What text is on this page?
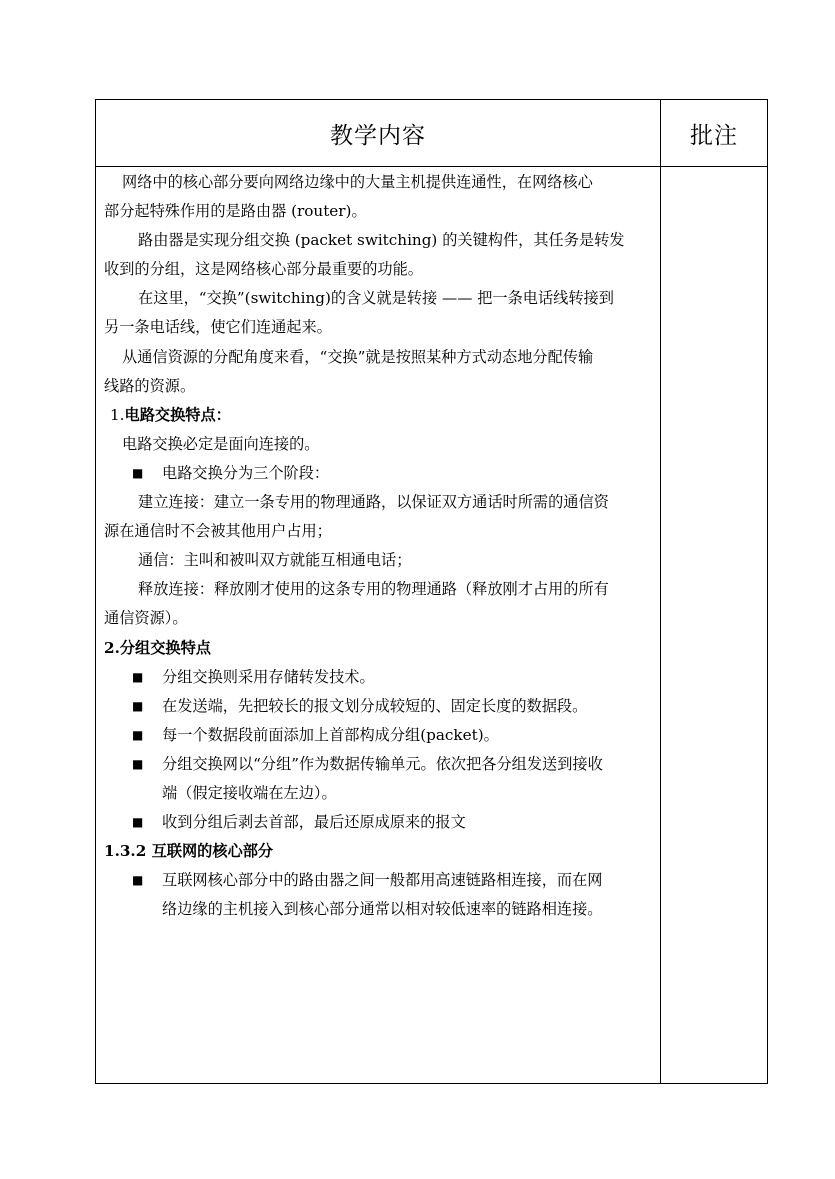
教学内容	批注
网络中的核心部分要向网络边缘中的大量主机提供连通性，在网络核心
部分起特殊作用的是路由器 (router)。
路由器是实现分组交换 (packet switching) 的关键构件，其任务是转发
收到的分组，这是网络核心部分最重要的功能。
在这里，“交换”(switching)的含义就是转接 —— 把一条电话线转接到
另一条电话线，使它们连通起来。
从通信资源的分配角度来看，“交换”就是按照某种方式动态地分配传输
线路的资源。
1.电路交换特点：
电路交换必定是面向连接的。
■ 电路交换分为三个阶段：
建立连接：建立一条专用的物理通路，以保证双方通话时所需的通信资
源在通信时不会被其他用户占用；
通信：主叫和被叫双方就能互相通电话；
释放连接：释放刚才使用的这条专用的物理通路（释放刚才占用的所有
通信资源）。
2.分组交换特点
■ 分组交换则采用存储转发技术。
■ 在发送端，先把较长的报文划分成较短的、固定长度的数据段。
■ 每一个数据段前面添加上首部构成分组(packet)。
■ 分组交换网以“分组”作为数据传输单元。依次把各分组发送到接收
端（假定接收端在左边）。
■ 收到分组后剥去首部，最后还原成原来的报文
1.3.2 互联网的核心部分
■ 互联网核心部分中的路由器之间一般都用高速链路相连接，而在网
络边缘的主机接入到核心部分通常以相对较低速率的链路相连接。
